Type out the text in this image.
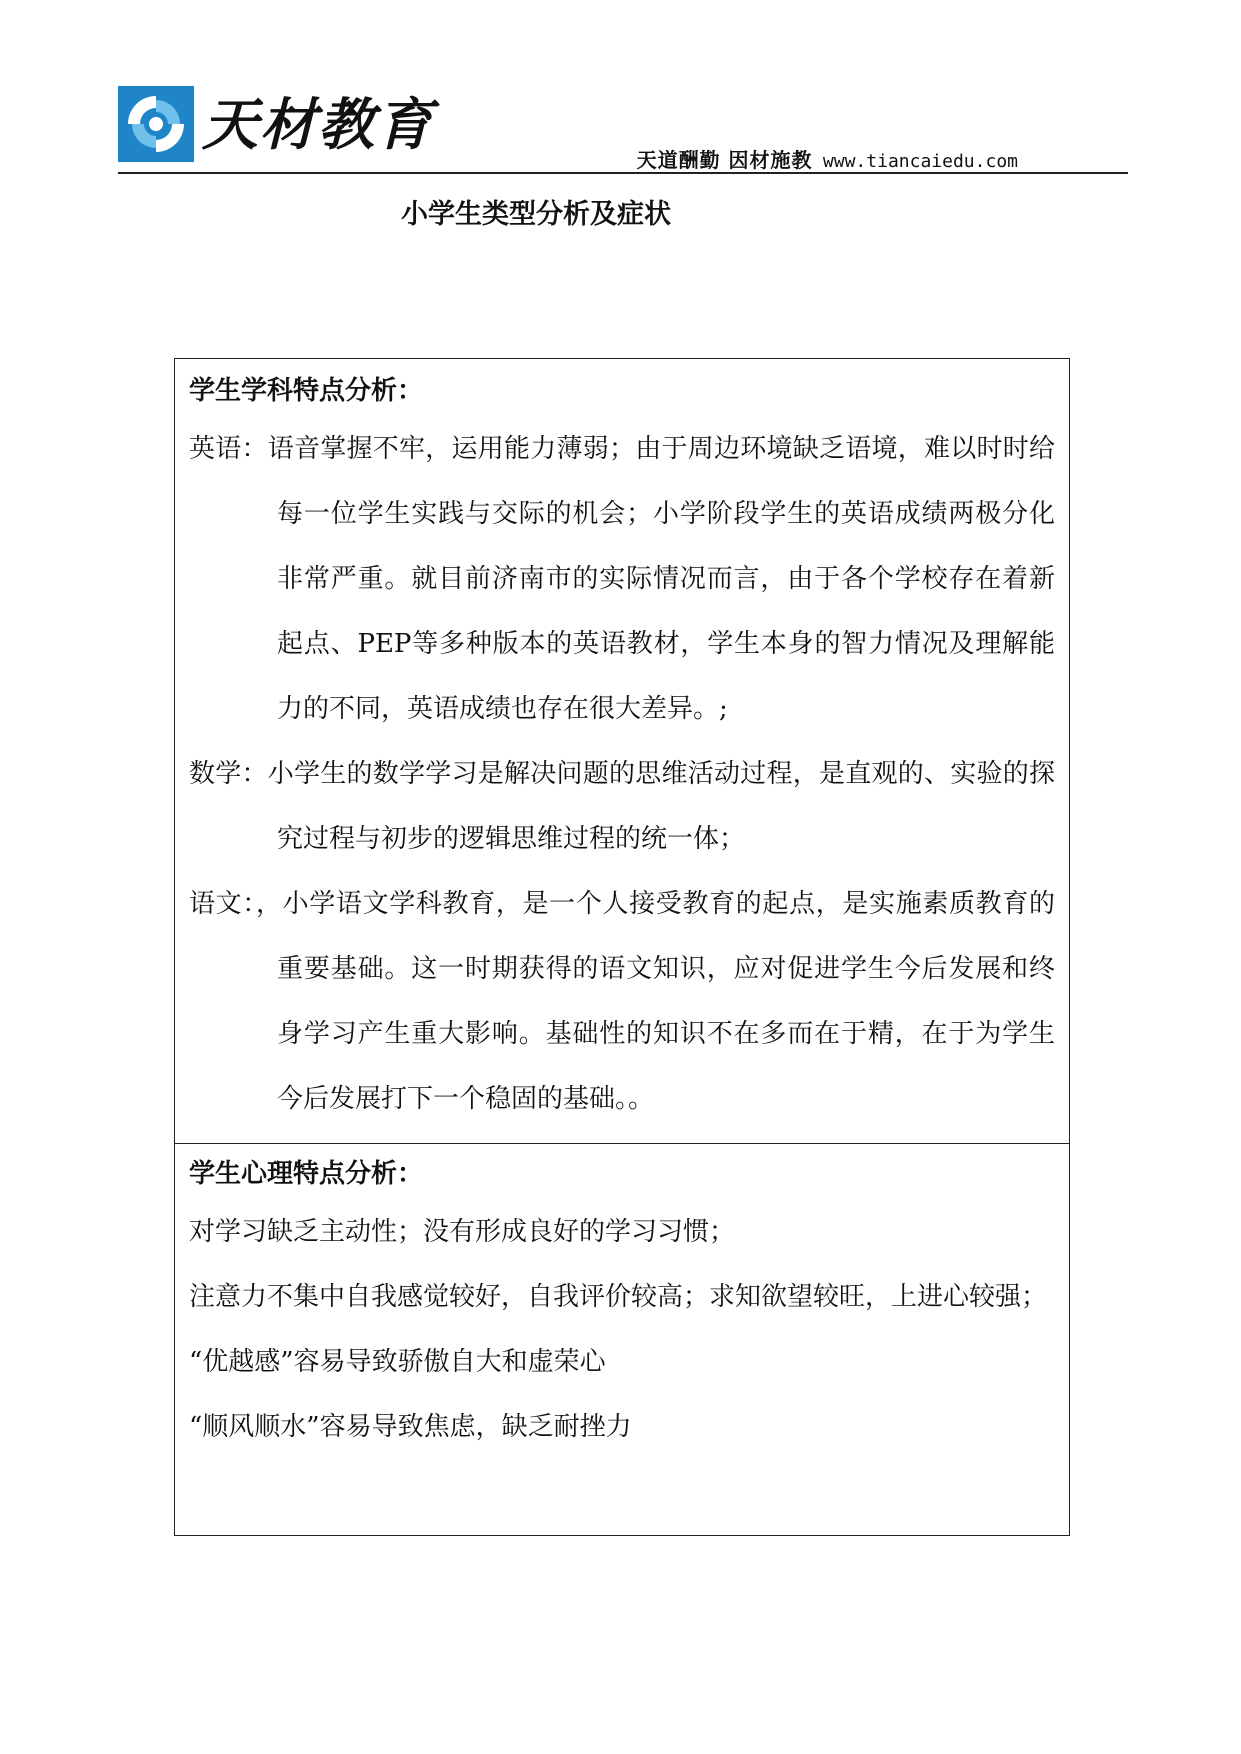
天材教育
天道酬勤 因材施教 www.tiancaiedu.com
小学生类型分析及症状
学生学科特点分析：
英语：语音掌握不牢，运用能力薄弱；由于周边环境缺乏语境，难以时时给每一位学生实践与交际的机会；小学阶段学生的英语成绩两极分化非常严重。就目前济南市的实际情况而言，由于各个学校存在着新起点、PEP等多种版本的英语教材，学生本身的智力情况及理解能力的不同，英语成绩也存在很大差异。;
数学：小学生的数学学习是解决问题的思维活动过程，是直观的、实验的探究过程与初步的逻辑思维过程的统一体；
语文：，小学语文学科教育，是一个人接受教育的起点，是实施素质教育的重要基础。这一时期获得的语文知识，应对促进学生今后发展和终身学习产生重大影响。基础性的知识不在多而在于精，在于为学生今后发展打下一个稳固的基础。。
学生心理特点分析：
对学习缺乏主动性；没有形成良好的学习习惯；
注意力不集中自我感觉较好，自我评价较高；求知欲望较旺，上进心较强；
“优越感”容易导致骄傲自大和虚荣心
“顺风顺水”容易导致焦虑，缺乏耐挫力
